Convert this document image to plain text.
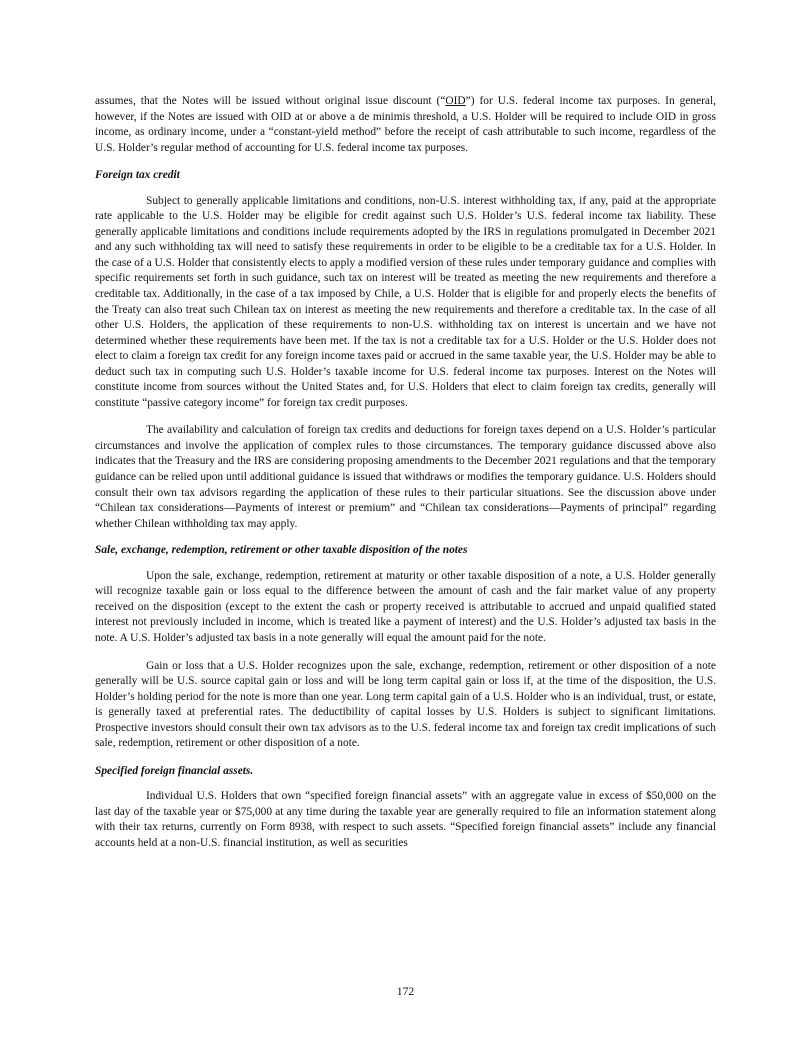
assumes, that the Notes will be issued without original issue discount (“OID”) for U.S. federal income tax purposes. In general, however, if the Notes are issued with OID at or above a de minimis threshold, a U.S. Holder will be required to include OID in gross income, as ordinary income, under a “constant-yield method” before the receipt of cash attributable to such income, regardless of the U.S. Holder’s regular method of accounting for U.S. federal income tax purposes.

Foreign tax credit

Subject to generally applicable limitations and conditions, non-U.S. interest withholding tax, if any, paid at the appropriate rate applicable to the U.S. Holder may be eligible for credit against such U.S. Holder’s U.S. federal income tax liability. These generally applicable limitations and conditions include requirements adopted by the IRS in regulations promulgated in December 2021 and any such withholding tax will need to satisfy these requirements in order to be eligible to be a creditable tax for a U.S. Holder. In the case of a U.S. Holder that consistently elects to apply a modified version of these rules under temporary guidance and complies with specific requirements set forth in such guidance, such tax on interest will be treated as meeting the new requirements and therefore a creditable tax. Additionally, in the case of a tax imposed by Chile, a U.S. Holder that is eligible for and properly elects the benefits of the Treaty can also treat such Chilean tax on interest as meeting the new requirements and therefore a creditable tax. In the case of all other U.S. Holders, the application of these requirements to non-U.S. withholding tax on interest is uncertain and we have not determined whether these requirements have been met. If the tax is not a creditable tax for a U.S. Holder or the U.S. Holder does not elect to claim a foreign tax credit for any foreign income taxes paid or accrued in the same taxable year, the U.S. Holder may be able to deduct such tax in computing such U.S. Holder’s taxable income for U.S. federal income tax purposes. Interest on the Notes will constitute income from sources without the United States and, for U.S. Holders that elect to claim foreign tax credits, generally will constitute “passive category income” for foreign tax credit purposes.

The availability and calculation of foreign tax credits and deductions for foreign taxes depend on a U.S. Holder’s particular circumstances and involve the application of complex rules to those circumstances. The temporary guidance discussed above also indicates that the Treasury and the IRS are considering proposing amendments to the December 2021 regulations and that the temporary guidance can be relied upon until additional guidance is issued that withdraws or modifies the temporary guidance. U.S. Holders should consult their own tax advisors regarding the application of these rules to their particular situations. See the discussion above under “Chilean tax considerations—Payments of interest or premium” and “Chilean tax considerations—Payments of principal” regarding whether Chilean withholding tax may apply.

Sale, exchange, redemption, retirement or other taxable disposition of the notes

Upon the sale, exchange, redemption, retirement at maturity or other taxable disposition of a note, a U.S. Holder generally will recognize taxable gain or loss equal to the difference between the amount of cash and the fair market value of any property received on the disposition (except to the extent the cash or property received is attributable to accrued and unpaid qualified stated interest not previously included in income, which is treated like a payment of interest) and the U.S. Holder’s adjusted tax basis in the note. A U.S. Holder’s adjusted tax basis in a note generally will equal the amount paid for the note.

Gain or loss that a U.S. Holder recognizes upon the sale, exchange, redemption, retirement or other disposition of a note generally will be U.S. source capital gain or loss and will be long term capital gain or loss if, at the time of the disposition, the U.S. Holder’s holding period for the note is more than one year. Long term capital gain of a U.S. Holder who is an individual, trust, or estate, is generally taxed at preferential rates. The deductibility of capital losses by U.S. Holders is subject to significant limitations. Prospective investors should consult their own tax advisors as to the U.S. federal income tax and foreign tax credit implications of such sale, redemption, retirement or other disposition of a note.

Specified foreign financial assets.

Individual U.S. Holders that own “specified foreign financial assets” with an aggregate value in excess of $50,000 on the last day of the taxable year or $75,000 at any time during the taxable year are generally required to file an information statement along with their tax returns, currently on Form 8938, with respect to such assets. “Specified foreign financial assets” include any financial accounts held at a non-U.S. financial institution, as well as securities

172
